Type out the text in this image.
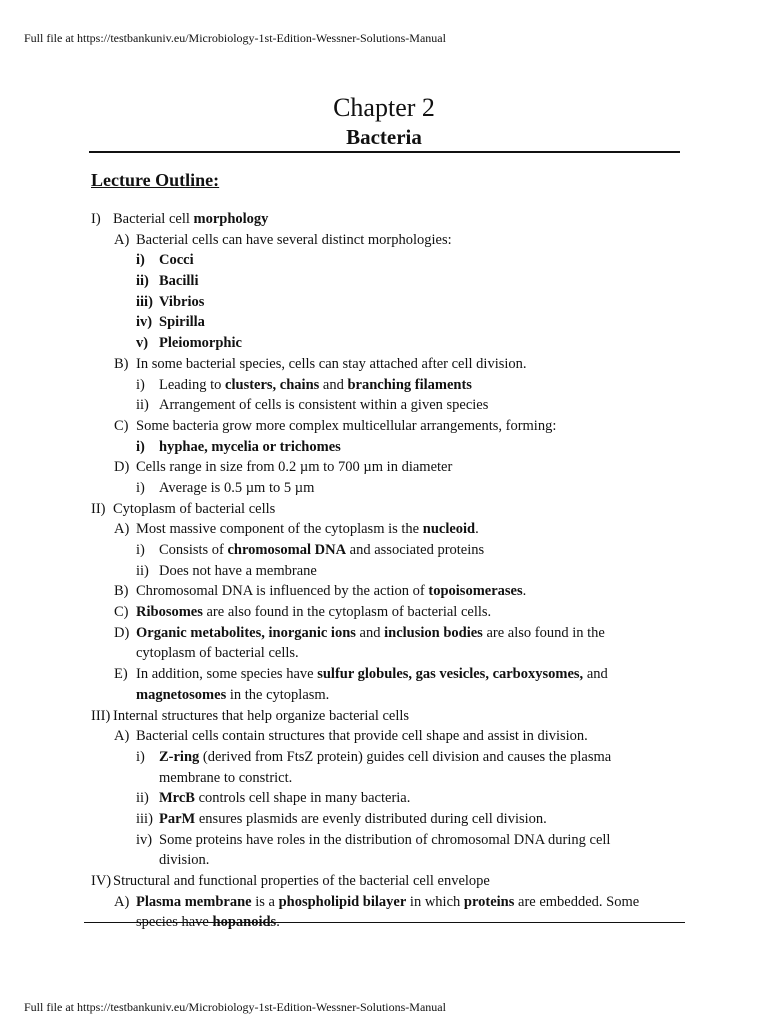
Full file at https://testbankuniv.eu/Microbiology-1st-Edition-Wessner-Solutions-Manual
Chapter 2
Bacteria
Lecture Outline:
I) Bacterial cell morphology
A) Bacterial cells can have several distinct morphologies:
i) Cocci
ii) Bacilli
iii) Vibrios
iv) Spirilla
v) Pleiomorphic
B) In some bacterial species, cells can stay attached after cell division.
i) Leading to clusters, chains and branching filaments
ii) Arrangement of cells is consistent within a given species
C) Some bacteria grow more complex multicellular arrangements, forming:
i) hyphae, mycelia or trichomes
D) Cells range in size from 0.2 µm to 700 µm in diameter
i) Average is 0.5 µm to 5 µm
II) Cytoplasm of bacterial cells
A) Most massive component of the cytoplasm is the nucleoid.
i) Consists of chromosomal DNA and associated proteins
ii) Does not have a membrane
B) Chromosomal DNA is influenced by the action of topoisomerases.
C) Ribosomes are also found in the cytoplasm of bacterial cells.
D) Organic metabolites, inorganic ions and inclusion bodies are also found in the
cytoplasm of bacterial cells.
E) In addition, some species have sulfur globules, gas vesicles, carboxysomes, and
magnetosomes in the cytoplasm.
III) Internal structures that help organize bacterial cells
A) Bacterial cells contain structures that provide cell shape and assist in division.
i) Z-ring (derived from FtsZ protein) guides cell division and causes the plasma
membrane to constrict.
ii) MrcB controls cell shape in many bacteria.
iii) ParM ensures plasmids are evenly distributed during cell division.
iv) Some proteins have roles in the distribution of chromosomal DNA during cell
division.
IV) Structural and functional properties of the bacterial cell envelope
A) Plasma membrane is a phospholipid bilayer in which proteins are embedded. Some
species have hopanoids.
Full file at https://testbankuniv.eu/Microbiology-1st-Edition-Wessner-Solutions-Manual
